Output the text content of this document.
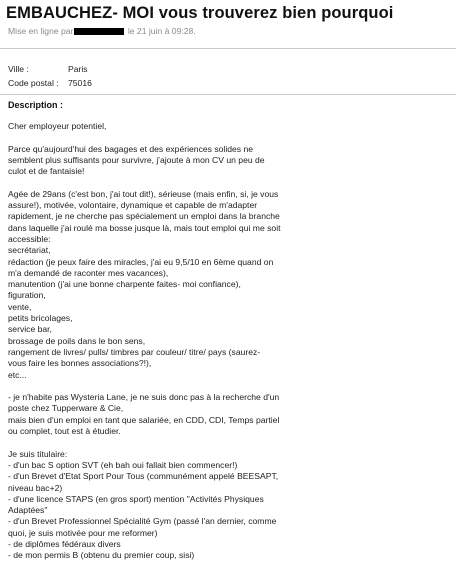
EMBAUCHEZ- MOI vous trouverez bien pourquoi
Mise en ligne par	le 21 juin à 09:28.
Ville :	Paris
Code postal : 75016
Description :
Cher employeur potentiel,
Parce qu'aujourd'hui des bagages et des expériences solides ne
semblent plus suffisants pour survivre, j'ajoute à mon CV un peu de
culot et de fantaisie!
Agée de 29ans (c'est bon, j'ai tout dit!), sérieuse (mais enfin, si, je vous
assure!), motivée, volontaire, dynamique et capable de m'adapter
rapidement, je ne cherche pas spécialement un emploi dans la branche
dans laquelle j'ai roulé ma bosse jusque là, mais tout emploi qui me soit
accessible:
secrétariat,
rédaction (je peux faire des miracles, j'ai eu 9,5/10 en 6ème quand on
m'a demandé de raconter mes vacances),
manutention (j'ai une bonne charpente faites- moi confiance),
figuration,
vente,
petits bricolages,
service bar,
brossage de poils dans le bon sens,
rangement de livres/ pulls/ timbres par couleur/ titre/ pays (saurez-
vous faire les bonnes associations?!),
etc...
- je n'habite pas Wysteria Lane, je ne suis donc pas à la recherche d'un
poste chez Tupperware & Cie,
mais bien d'un emploi en tant que salariée, en CDD, CDI, Temps partiel
ou complet, tout est à étudier.
Je suis titulaire:
- d'un bac S option SVT (eh bah oui fallait bien commencer!)
- d'un Brevet d'Etat Sport Pour Tous (communément appelé BEESAPT,
niveau bac+2)
- d'une licence STAPS (en gros sport) mention "Activités Physiques
Adaptées"
- d'un Brevet Professionnel Spécialité Gym (passé l'an dernier, comme
quoi, je suis motivée pour me reformer)
- de diplômes fédéraux divers
- de mon permis B (obtenu du premier coup, sisi)
